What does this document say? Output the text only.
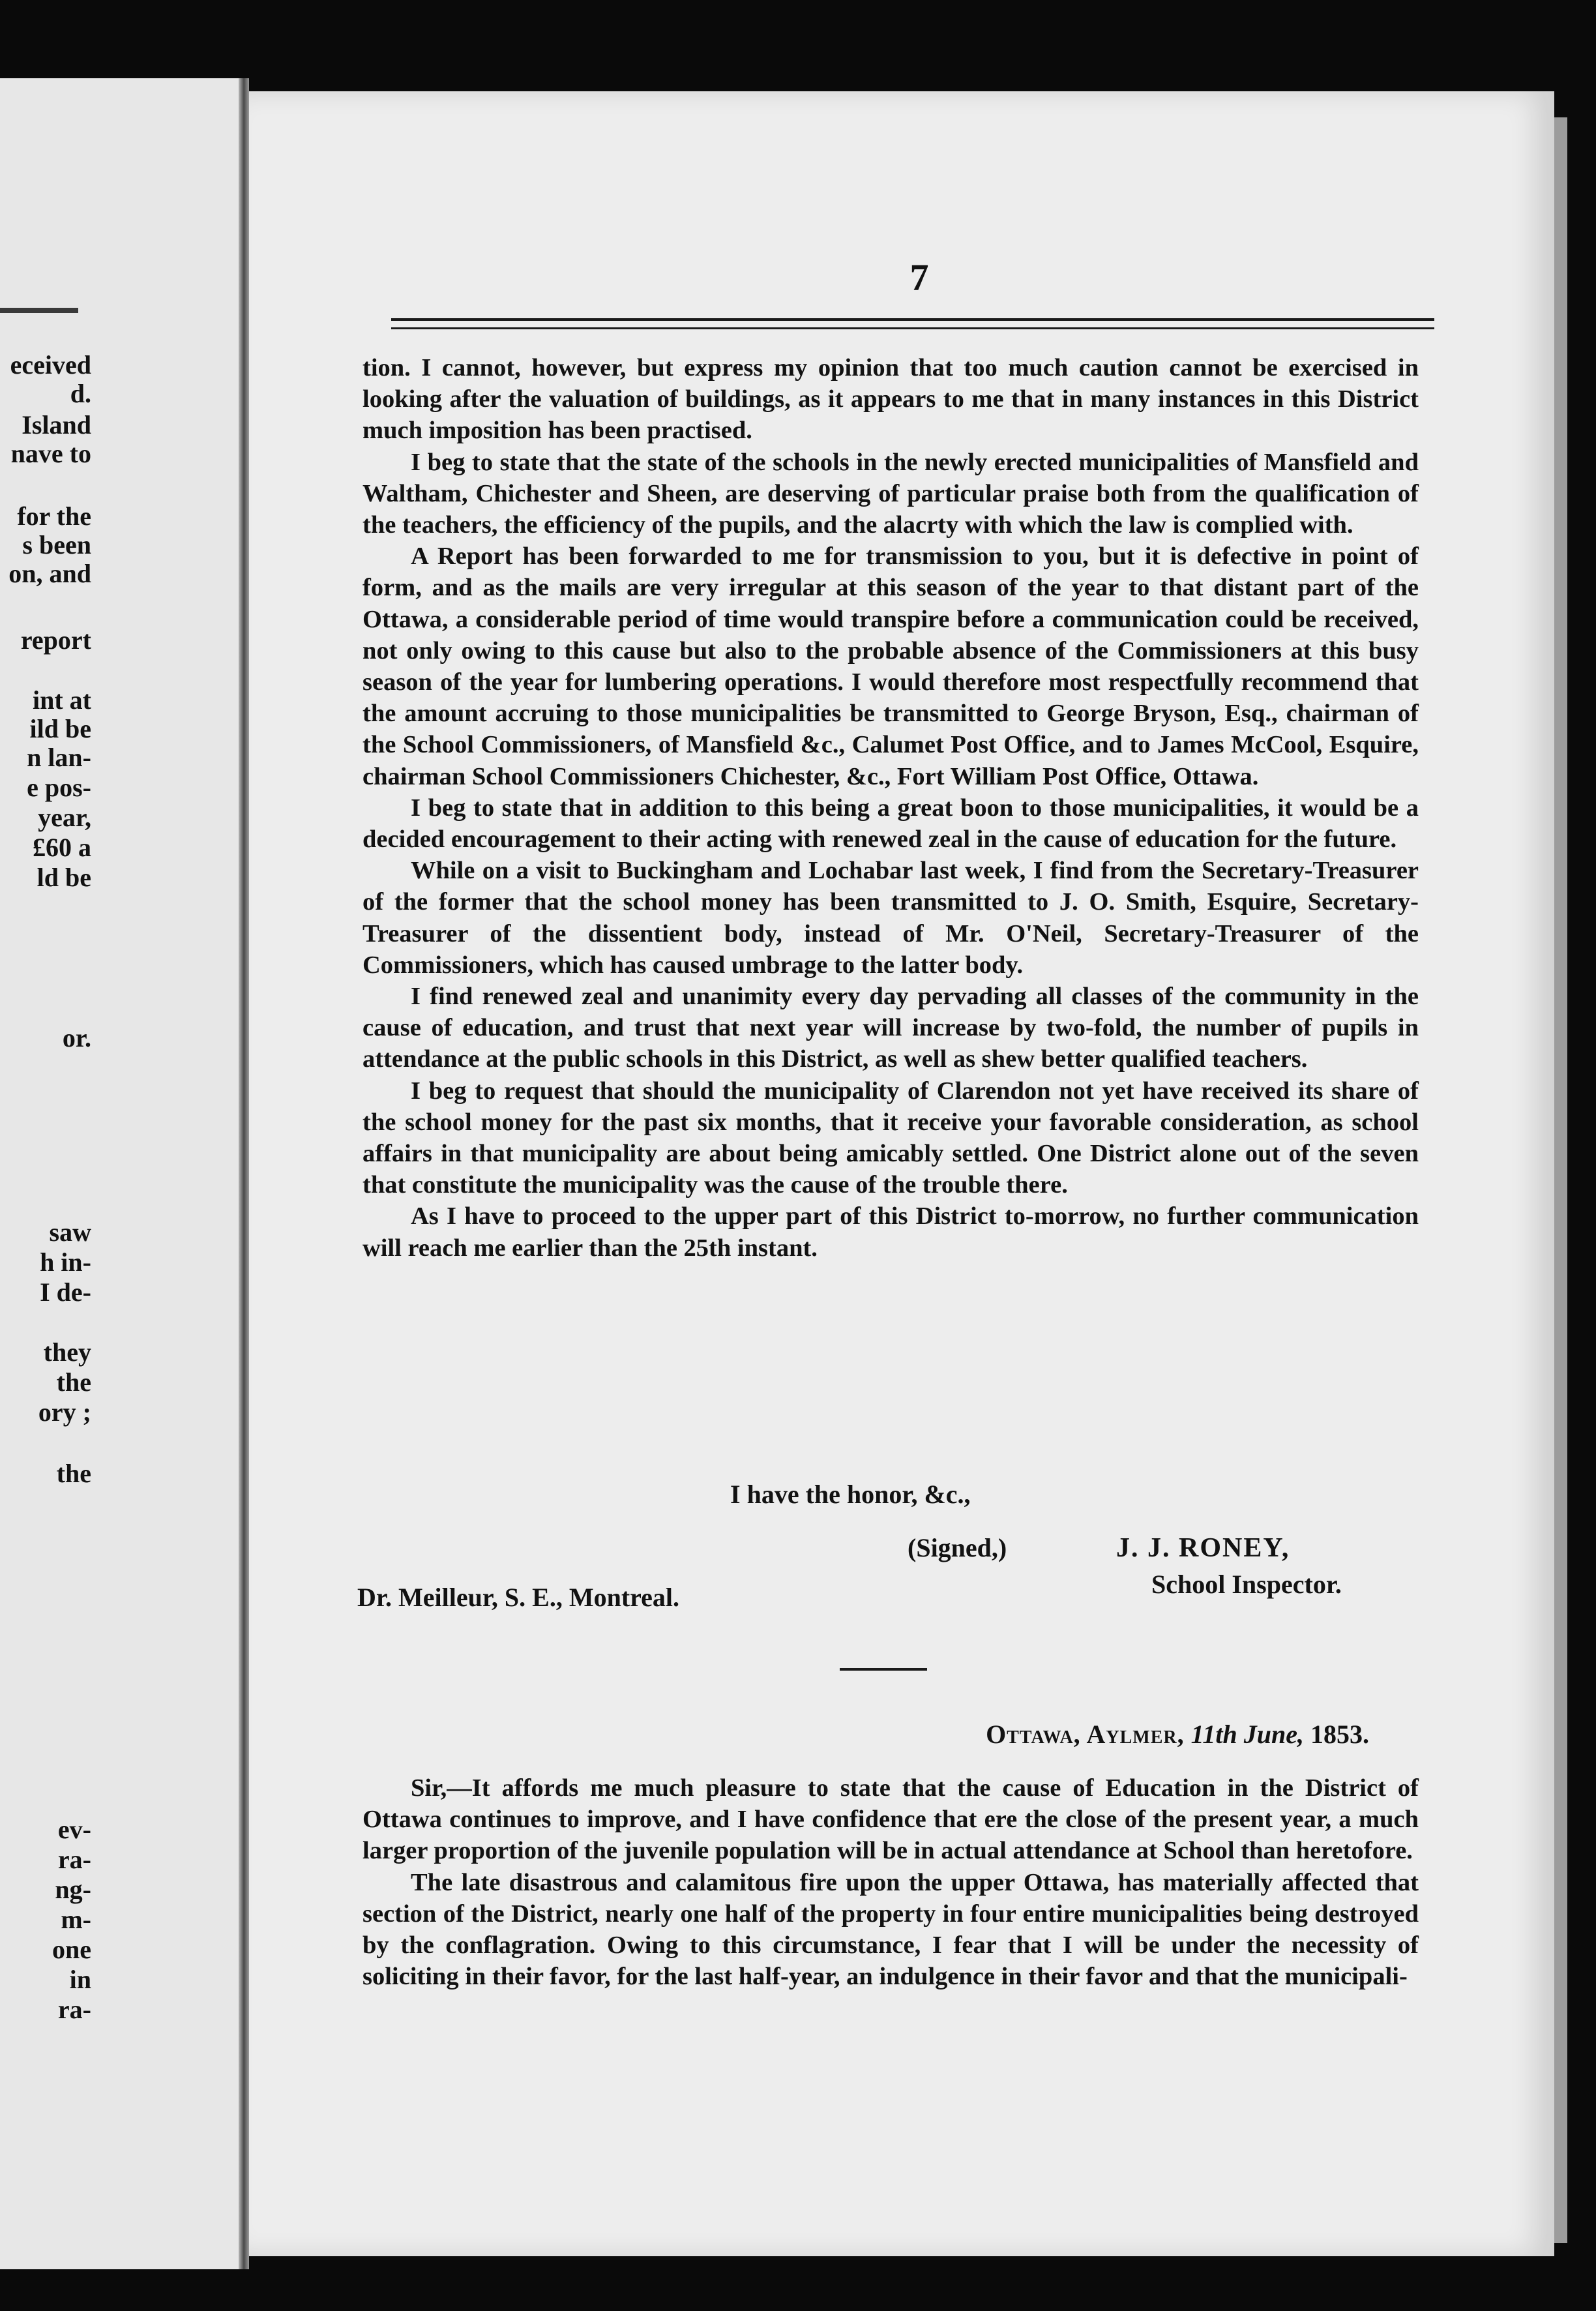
eceived
d.
Island
nave to
for the
s been
on, and
report
int at
ild be
n lan-
e pos-
year,
£60 a
ld be
or.
saw
h in-
I de-
they
the
ory ;
the
ev-
ra-
ng-
m-
one
in
ra-
7

tion. I cannot, however, but express my opinion that too much caution cannot be exercised in looking after the valuation of buildings, as it appears to me that in many instances in this District much imposition has been practised.

I beg to state that the state of the schools in the newly erected municipalities of Mansfield and Waltham, Chichester and Sheen, are deserving of particular praise both from the qualification of the teachers, the efficiency of the pupils, and the alacrty with which the law is complied with.

A Report has been forwarded to me for transmission to you, but it is defective in point of form, and as the mails are very irregular at this season of the year to that distant part of the Ottawa, a considerable period of time would transpire before a communication could be received, not only owing to this cause but also to the probable absence of the Commissioners at this busy season of the year for lumbering operations. I would therefore most respectfully recommend that the amount accruing to those municipalities be transmitted to George Bryson, Esq., chairman of the School Commissioners, of Mansfield &c., Calumet Post Office, and to James McCool, Esquire, chairman School Commissioners Chichester, &c., Fort William Post Office, Ottawa.

I beg to state that in addition to this being a great boon to those municipalities, it would be a decided encouragement to their acting with renewed zeal in the cause of education for the future.

While on a visit to Buckingham and Lochabar last week, I find from the Secretary-Treasurer of the former that the school money has been transmitted to J. O. Smith, Esquire, Secretary-Treasurer of the dissentient body, instead of Mr. O'Neil, Secretary-Treasurer of the Commissioners, which has caused umbrage to the latter body.

I find renewed zeal and unanimity every day pervading all classes of the community in the cause of education, and trust that next year will increase by two-fold, the number of pupils in attendance at the public schools in this District, as well as shew better qualified teachers.

I beg to request that should the municipality of Clarendon not yet have received its share of the school money for the past six months, that it receive your favorable consideration, as school affairs in that municipality are about being amicably settled. One District alone out of the seven that constitute the municipality was the cause of the trouble there.

As I have to proceed to the upper part of this District to-morrow, no further communication will reach me earlier than the 25th instant.

I have the honor, &c.,
(Signed,)	J. J. RONEY,
School Inspector.
Dr. Meilleur, S. E., Montreal.
Ottawa, Aylmer, 11th June, 1853.

Sir,—It affords me much pleasure to state that the cause of Education in the District of Ottawa continues to improve, and I have confidence that ere the close of the present year, a much larger proportion of the juvenile population will be in actual attendance at School than heretofore.

The late disastrous and calamitous fire upon the upper Ottawa, has materially affected that section of the District, nearly one half of the property in four entire municipalities being destroyed by the conflagration. Owing to this circumstance, I fear that I will be under the necessity of soliciting in their favor, for the last half-year, an indulgence in their favor and that the municipali-
